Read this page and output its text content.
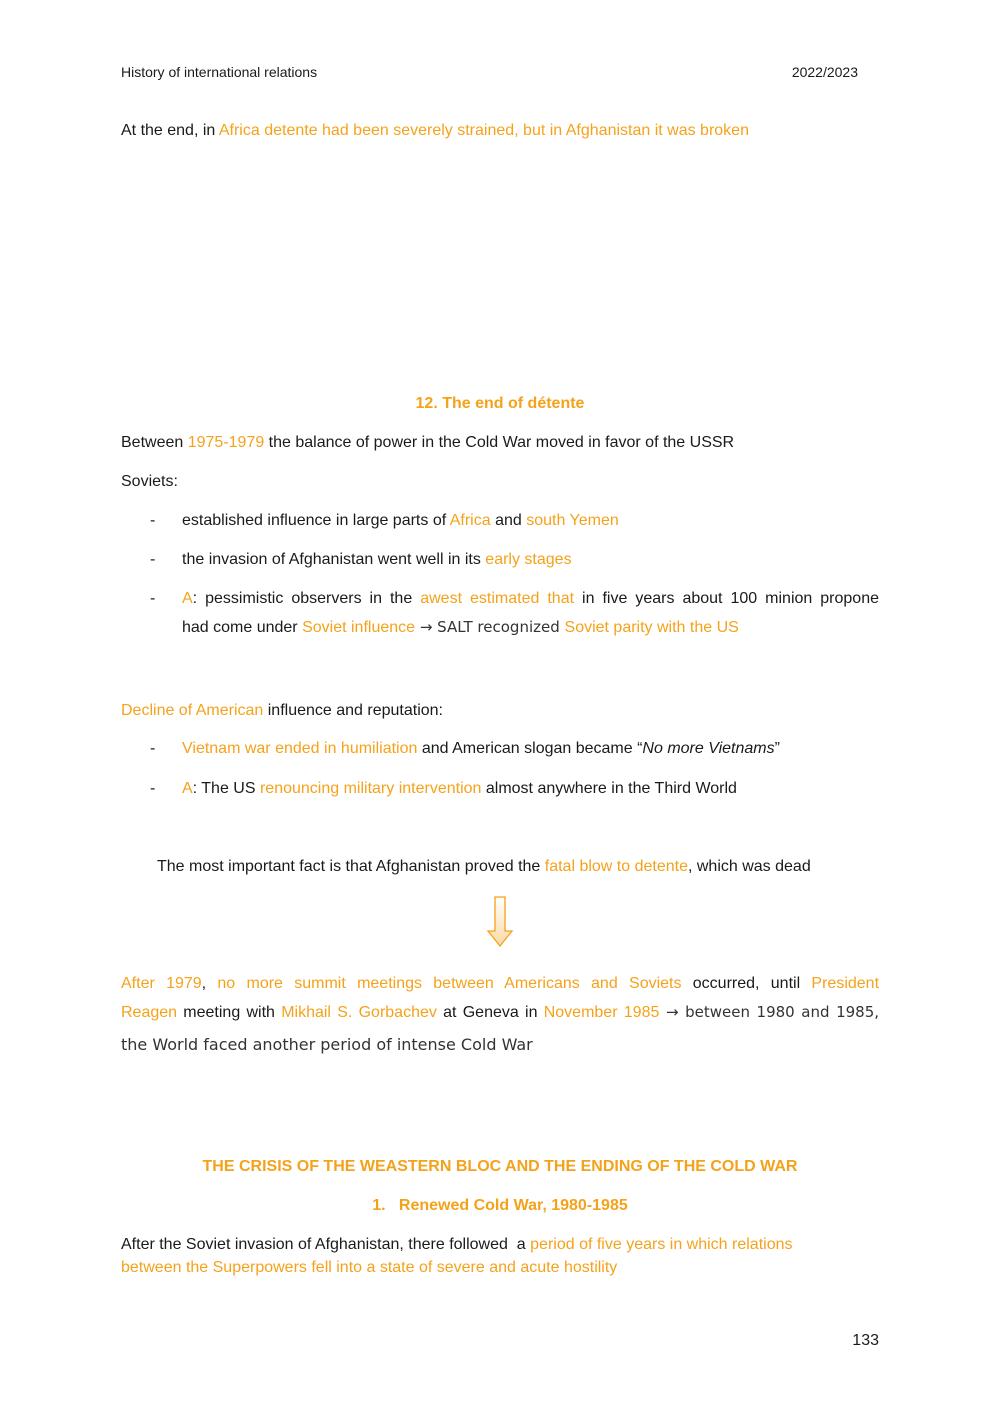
History of international relations	2022/2023
At the end, in Africa detente had been severely strained, but in Afghanistan it was broken
12. The end of détente
Between 1975-1979 the balance of power in the Cold War moved in favor of the USSR
Soviets:
- established influence in large parts of Africa and south Yemen
- the invasion of Afghanistan went well in its early stages
- A: pessimistic observers in the awest estimated that in five years about 100 minion propone
had come under Soviet influence → SALT recognized Soviet parity with the US
Decline of American influence and reputation:
- Vietnam war ended in humiliation and American slogan became “No more Vietnams”
- A: The US renouncing military intervention almost anywhere in the Third World
The most important fact is that Afghanistan proved the fatal blow to detente, which was dead
After 1979, no more summit meetings between Americans and Soviets occurred, until President
Reagen meeting with Mikhail S. Gorbachev at Geneva in November 1985 → between 1980 and 1985,
the World faced another period of intense Cold War
THE CRISIS OF THE WEASTERN BLOC AND THE ENDING OF THE COLD WAR
1.   Renewed Cold War, 1980-1985
After the Soviet invasion of Afghanistan, there followed  a period of five years in which relations
between the Superpowers fell into a state of severe and acute hostility
133
